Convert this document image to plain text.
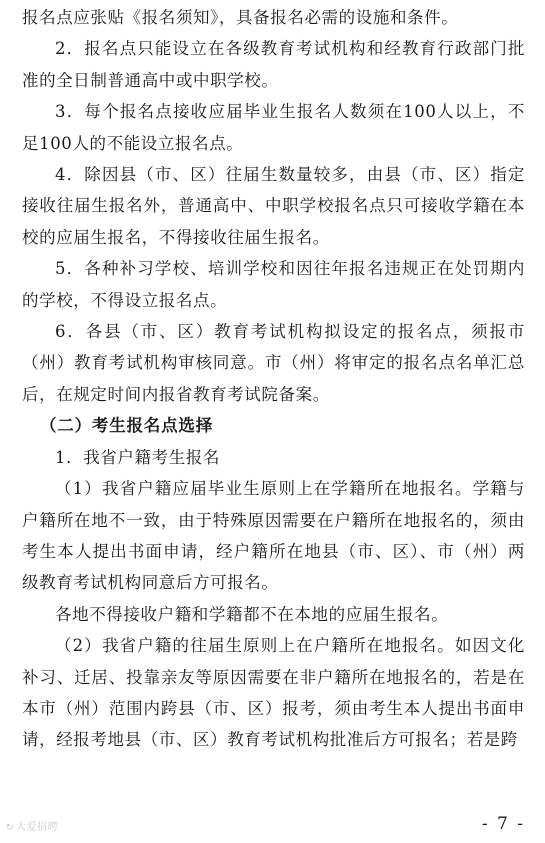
报名点应张贴《报名须知》，具备报名必需的设施和条件。

2．报名点只能设立在各级教育考试机构和经教育行政部门批准的全日制普通高中或中职学校。

3．每个报名点接收应届毕业生报名人数须在100人以上，不足100人的不能设立报名点。

4．除因县（市、区）往届生数量较多，由县（市、区）指定接收往届生报名外，普通高中、中职学校报名点只可接收学籍在本校的应届生报名，不得接收往届生报名。

5．各种补习学校、培训学校和因往年报名违规正在处罚期内的学校，不得设立报名点。

6．各县（市、区）教育考试机构拟设定的报名点，须报市（州）教育考试机构审核同意。市（州）将审定的报名点名单汇总后，在规定时间内报省教育考试院备案。

（二）考生报名点选择

1．我省户籍考生报名

（1）我省户籍应届毕业生原则上在学籍所在地报名。学籍与户籍所在地不一致，由于特殊原因需要在户籍所在地报名的，须由考生本人提出书面申请，经户籍所在地县（市、区）、市（州）两级教育考试机构同意后方可报名。

各地不得接收户籍和学籍都不在本地的应届生报名。

（2）我省户籍的往届生原则上在户籍所在地报名。如因文化补习、迁居、投靠亲友等原因需要在非户籍所在地报名的，若是在本市（州）范围内跨县（市、区）报考，须由考生本人提出书面申请，经报考地县（市、区）教育考试机构批准后方可报名；若是跨

↻ 大爱招聘	- 7 -
